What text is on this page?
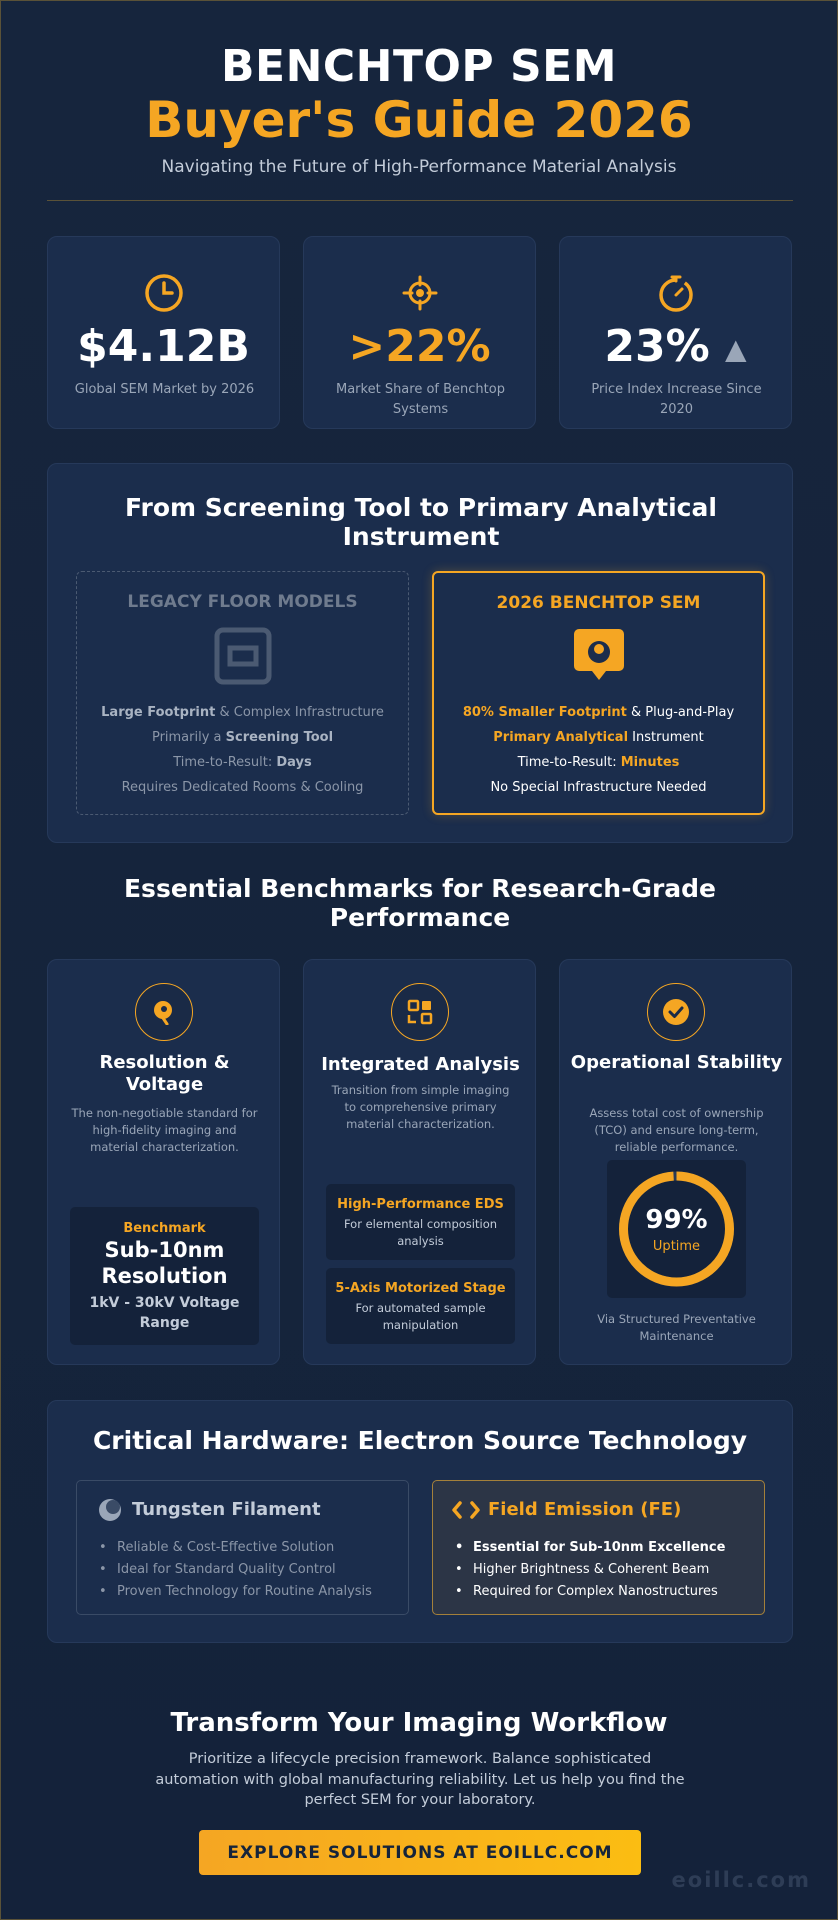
BENCHTOP SEM
Buyer's Guide 2026
Navigating the Future of High-Performance Material Analysis
$4.12B
Global SEM Market by 2026
>22%
Market Share of Benchtop Systems
23% ▲
Price Index Increase Since 2020
From Screening Tool to Primary Analytical Instrument
LEGACY FLOOR MODELS
Large Footprint & Complex Infrastructure
Primarily a Screening Tool
Time-to-Result: Days
Requires Dedicated Rooms & Cooling
2026 BENCHTOP SEM
80% Smaller Footprint & Plug-and-Play
Primary Analytical Instrument
Time-to-Result: Minutes
No Special Infrastructure Needed
Essential Benchmarks for Research-Grade Performance
Resolution & Voltage
The non-negotiable standard for high-fidelity imaging and material characterization.
Benchmark
Sub-10nm Resolution
1kV - 30kV Voltage Range
Integrated Analysis
Transition from simple imaging to comprehensive primary material characterization.
High-Performance EDS
For elemental composition analysis
5-Axis Motorized Stage
For automated sample manipulation
Operational Stability
Assess total cost of ownership (TCO) and ensure long-term, reliable performance.
99%
Uptime
Via Structured Preventative Maintenance
Critical Hardware: Electron Source Technology
Tungsten Filament
• Reliable & Cost-Effective Solution
• Ideal for Standard Quality Control
• Proven Technology for Routine Analysis
Field Emission (FE)
• Essential for Sub-10nm Excellence
• Higher Brightness & Coherent Beam
• Required for Complex Nanostructures
Transform Your Imaging Workflow
Prioritize a lifecycle precision framework. Balance sophisticated automation with global manufacturing reliability. Let us help you find the perfect SEM for your laboratory.
EXPLORE SOLUTIONS AT EOILLC.COM
eoillc.com
